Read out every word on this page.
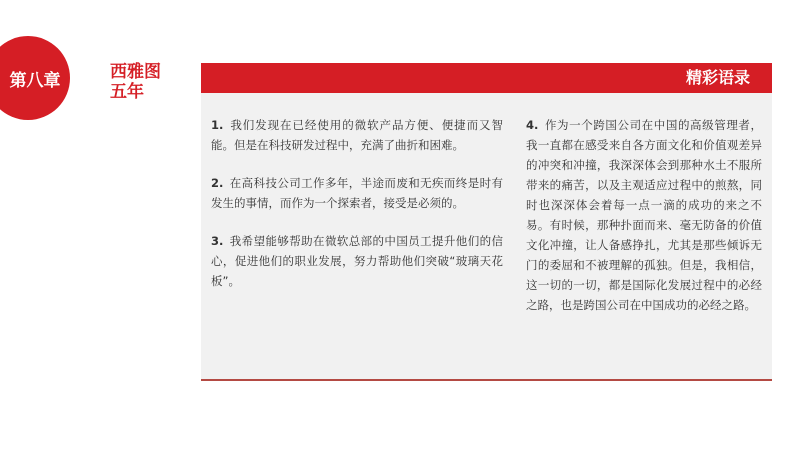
第八章	西雅图
五年
精彩语录

1. 我们发现在已经使用的微软产品方便、便捷而又智能。但是在科技研发过程中，充满了曲折和困难。

2. 在高科技公司工作多年，半途而废和无疾而终是时有发生的事情，而作为一个探索者，接受是必须的。

3. 我希望能够帮助在微软总部的中国员工提升他们的信心，促进他们的职业发展，努力帮助他们突破“玻璃天花板”。

4. 作为一个跨国公司在中国的高级管理者，我一直都在感受来自各方面文化和价值观差异的冲突和冲撞，我深深体会到那种水土不服所带来的痛苦，以及主观适应过程中的煎熬，同时也深深体会着每一点一滴的成功的来之不易。有时候，那种扑面而来、毫无防备的价值文化冲撞，让人备感挣扎，尤其是那些倾诉无门的委屈和不被理解的孤独。但是，我相信，这一切的一切，都是国际化发展过程中的必经之路，也是跨国公司在中国成功的必经之路。
